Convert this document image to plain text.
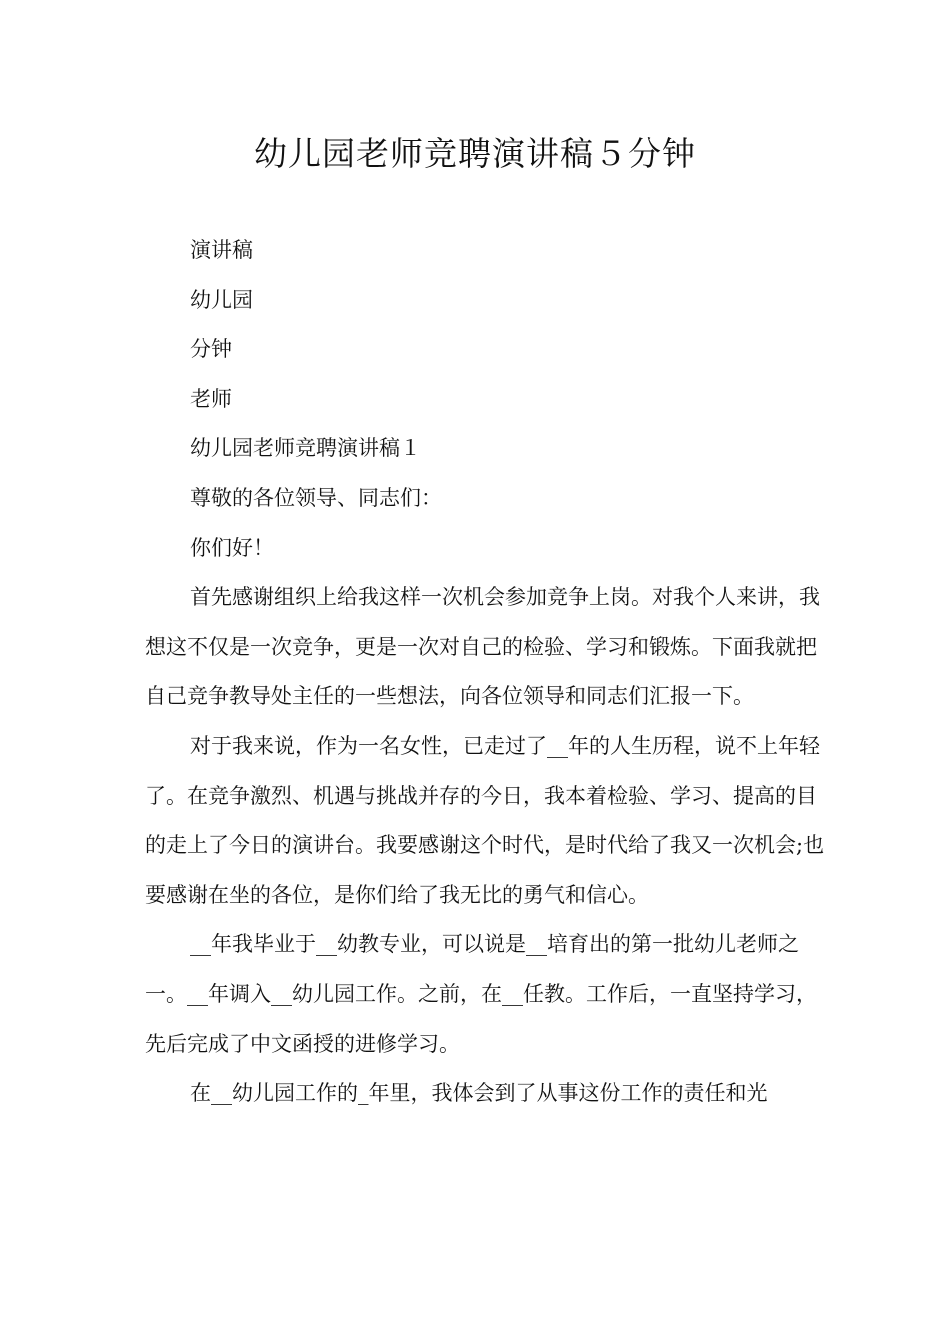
幼儿园老师竞聘演讲稿５分钟

演讲稿

幼儿园

分钟

老师

幼儿园老师竞聘演讲稿１

尊敬的各位领导、同志们：

你们好！

首先感谢组织上给我这样一次机会参加竞争上岗。对我个人来讲，我想这不仅是一次竞争，更是一次对自己的检验、学习和锻炼。下面我就把自己竞争教导处主任的一些想法，向各位领导和同志们汇报一下。

对于我来说，作为一名女性，已走过了__年的人生历程，说不上年轻了。在竞争激烈、机遇与挑战并存的今日，我本着检验、学习、提高的目的走上了今日的演讲台。我要感谢这个时代，是时代给了我又一次机会;也要感谢在坐的各位，是你们给了我无比的勇气和信心。

__年我毕业于__幼教专业，可以说是__培育出的第一批幼儿老师之一。__年调入__幼儿园工作。之前，在__任教。工作后，一直坚持学习，先后完成了中文函授的进修学习。

在__幼儿园工作的_年里，我体会到了从事这份工作的责任和光
